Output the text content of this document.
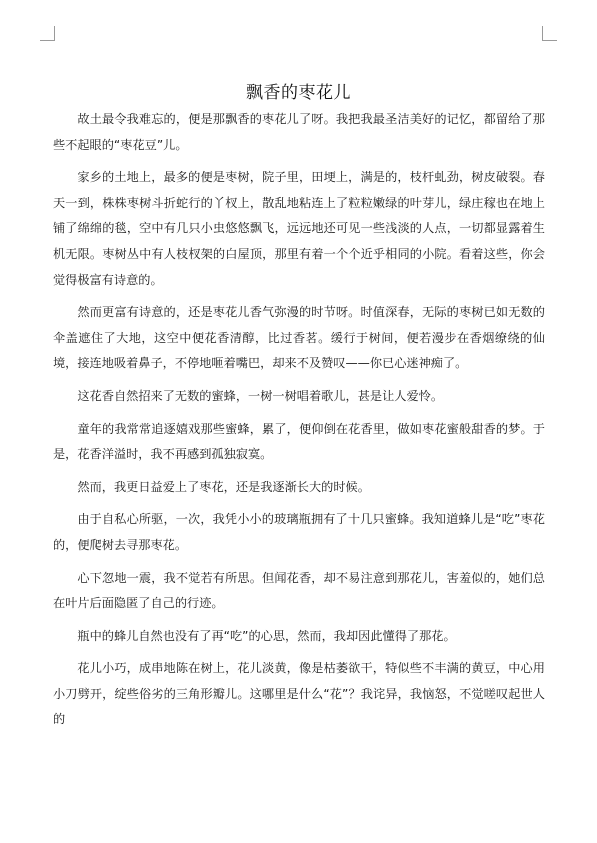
飘香的枣花儿

故土最令我难忘的，便是那飘香的枣花儿了呀。我把我最圣洁美好的记忆，都留给了那些不起眼的“枣花豆”儿。

家乡的土地上，最多的便是枣树，院子里，田埂上，满是的，枝杆虬劲，树皮破裂。春天一到，株株枣树斗折蛇行的丫杈上，散乱地粘连上了粒粒嫩绿的叶芽儿，绿庄稼也在地上铺了绵绵的毯，空中有几只小虫悠悠飘飞，远远地还可见一些浅淡的人点，一切都显露着生机无限。枣树丛中有人枝杈架的白屋顶，那里有着一个个近乎相同的小院。看着这些，你会觉得极富有诗意的。

然而更富有诗意的，还是枣花儿香气弥漫的时节呀。时值深春，无际的枣树已如无数的伞盖遮住了大地，这空中便花香清醇，比过香茗。缓行于树间，便若漫步在香烟缭绕的仙境，接连地吸着鼻子，不停地咂着嘴巴，却来不及赞叹——你已心迷神痴了。

这花香自然招来了无数的蜜蜂，一树一树唱着歌儿，甚是让人爱怜。

童年的我常常追逐嬉戏那些蜜蜂，累了，便仰倒在花香里，做如枣花蜜般甜香的梦。于是，花香洋溢时，我不再感到孤独寂寞。

然而，我更日益爱上了枣花，还是我逐渐长大的时候。

由于自私心所驱，一次，我凭小小的玻璃瓶拥有了十几只蜜蜂。我知道蜂儿是“吃”枣花的，便爬树去寻那枣花。

心下忽地一震，我不觉若有所思。但闻花香，却不易注意到那花儿，害羞似的，她们总在叶片后面隐匿了自己的行迹。

瓶中的蜂儿自然也没有了再“吃”的心思，然而，我却因此懂得了那花。

花儿小巧，成串地陈在树上，花儿淡黄，像是枯萎欲干，特似些不丰满的黄豆，中心用小刀劈开，绽些俗劣的三角形瓣儿。这哪里是什么“花”？我诧异，我恼怒，不觉嗟叹起世人的
